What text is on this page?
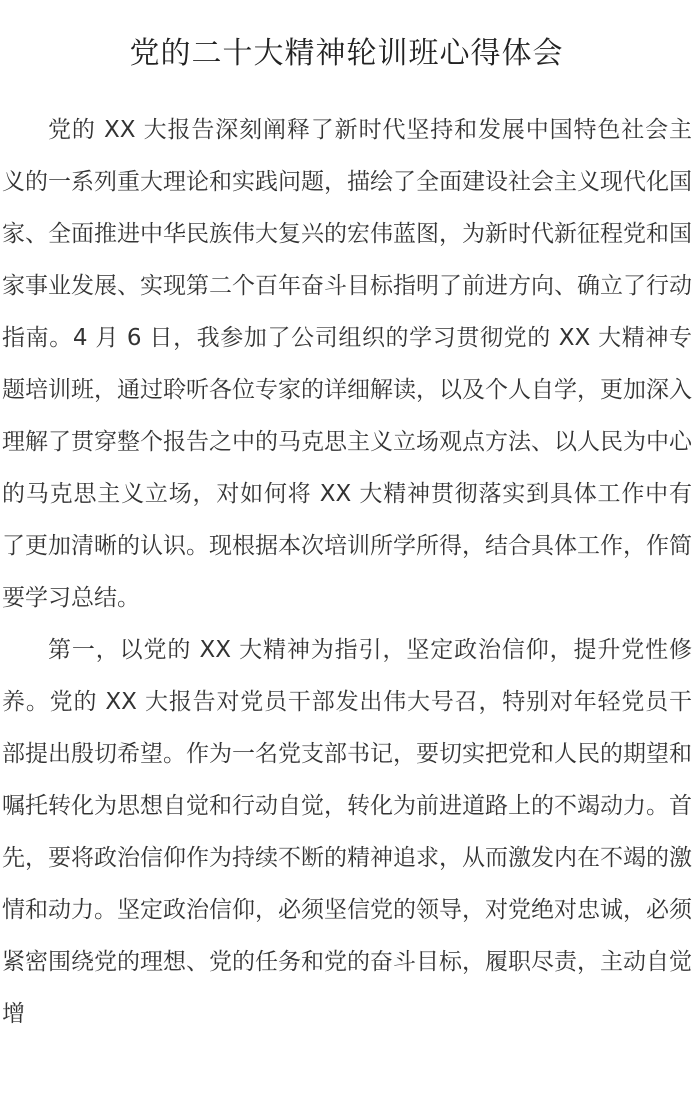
党的二十大精神轮训班心得体会

党的 XX 大报告深刻阐释了新时代坚持和发展中国特色社会主义的一系列重大理论和实践问题，描绘了全面建设社会主义现代化国家、全面推进中华民族伟大复兴的宏伟蓝图，为新时代新征程党和国家事业发展、实现第二个百年奋斗目标指明了前进方向、确立了行动指南。4 月 6 日，我参加了公司组织的学习贯彻党的 XX 大精神专题培训班，通过聆听各位专家的详细解读，以及个人自学，更加深入理解了贯穿整个报告之中的马克思主义立场观点方法、以人民为中心的马克思主义立场，对如何将 XX 大精神贯彻落实到具体工作中有了更加清晰的认识。现根据本次培训所学所得，结合具体工作，作简要学习总结。

第一，以党的 XX 大精神为指引，坚定政治信仰，提升党性修养。党的 XX 大报告对党员干部发出伟大号召，特别对年轻党员干部提出殷切希望。作为一名党支部书记，要切实把党和人民的期望和嘱托转化为思想自觉和行动自觉，转化为前进道路上的不竭动力。首先，要将政治信仰作为持续不断的精神追求，从而激发内在不竭的激情和动力。坚定政治信仰，必须坚信党的领导，对党绝对忠诚，必须紧密围绕党的理想、党的任务和党的奋斗目标，履职尽责，主动自觉增
